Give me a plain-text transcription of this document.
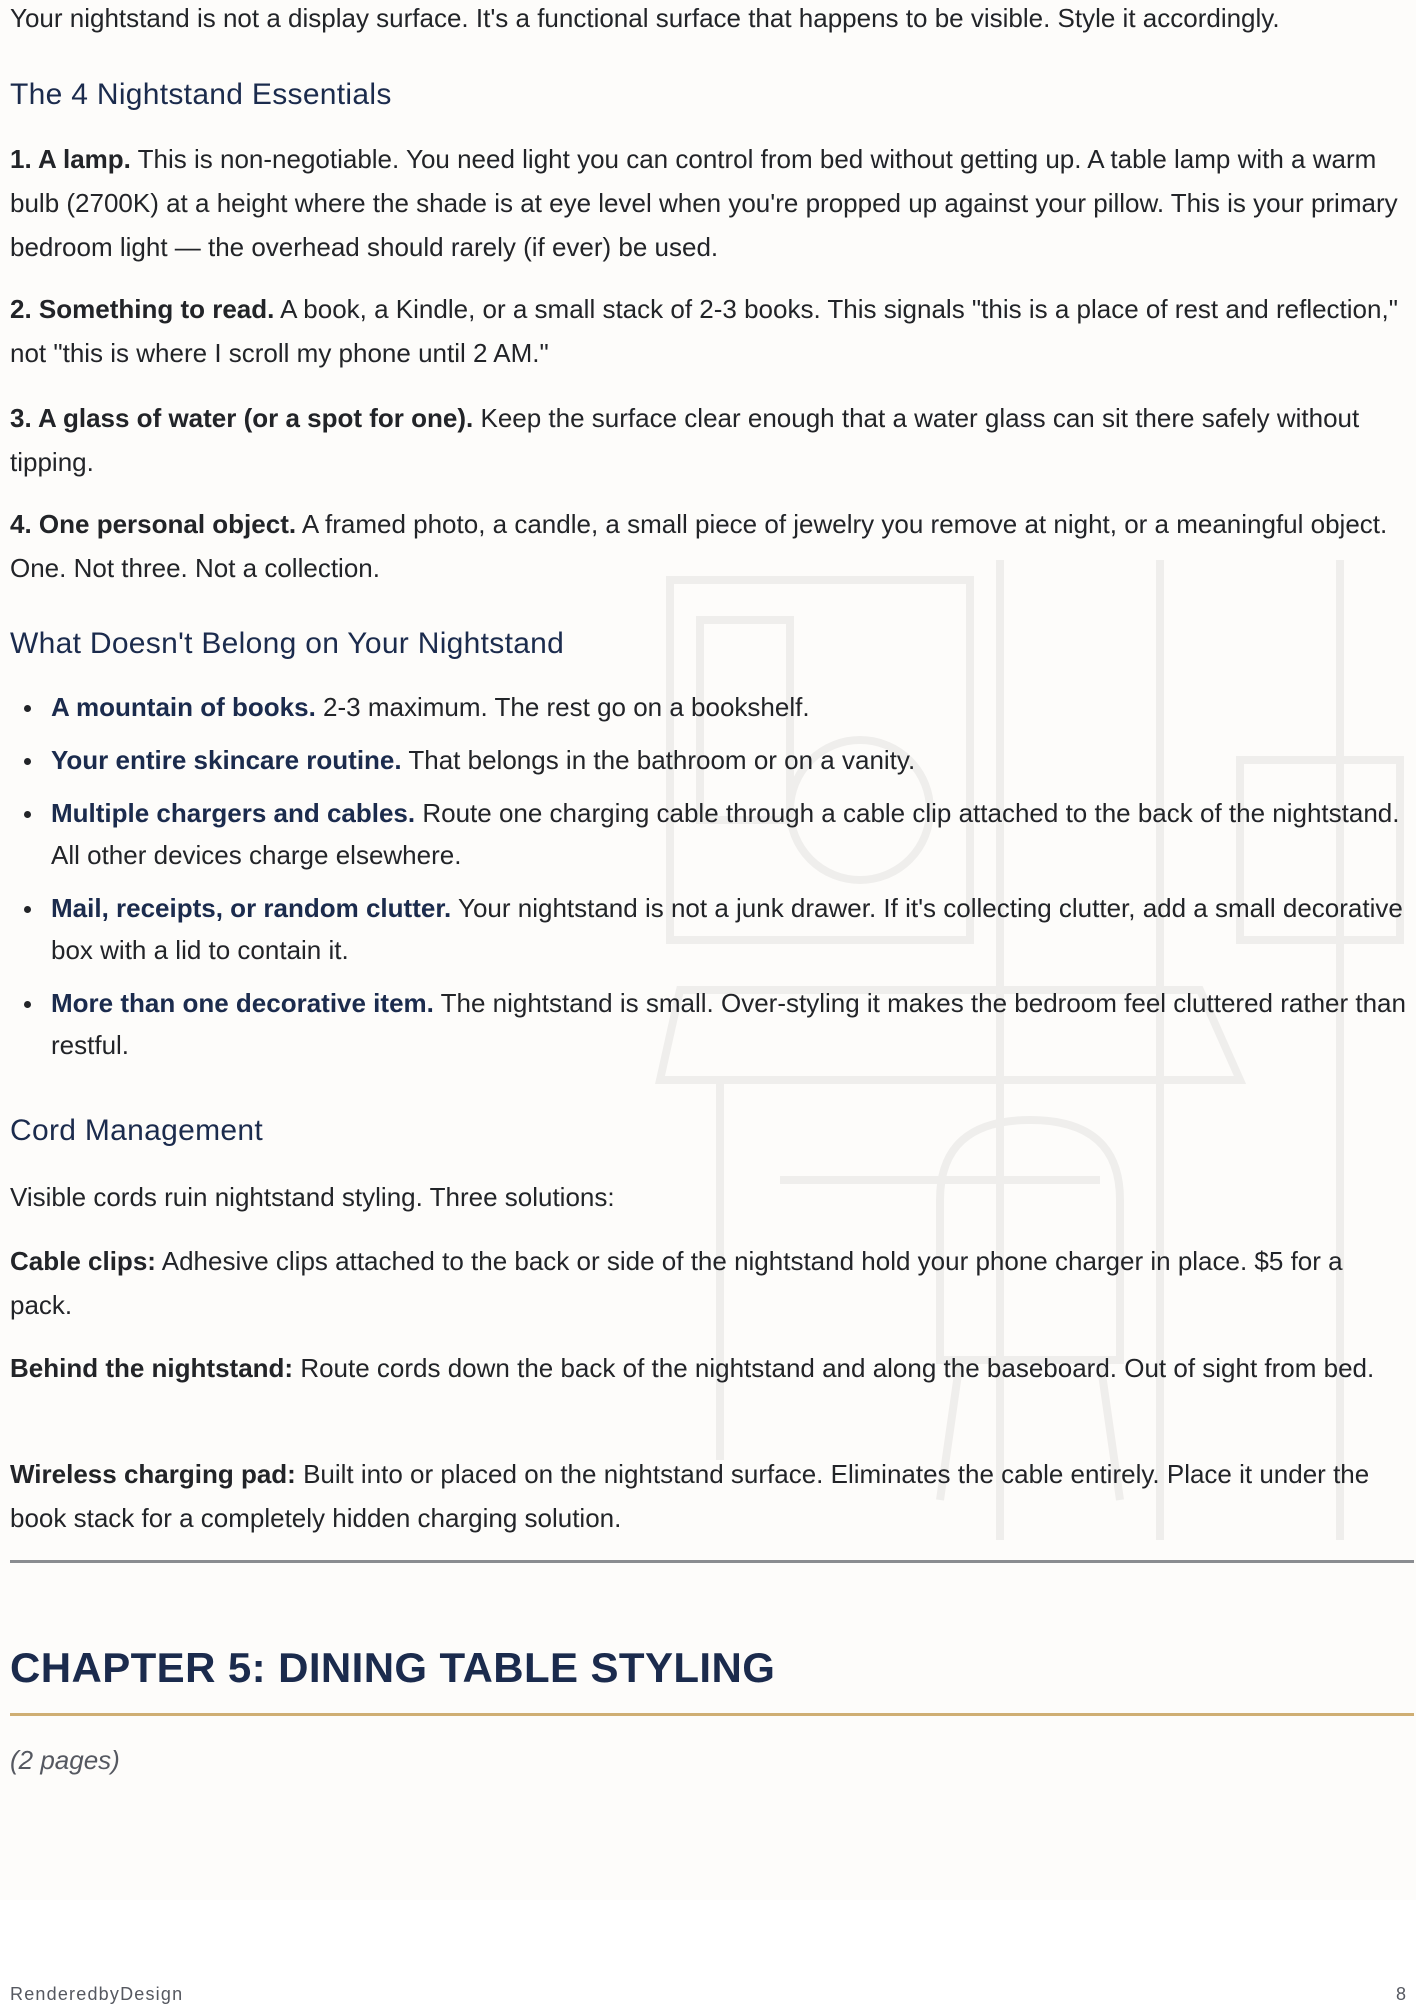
Your nightstand is not a display surface. It's a functional surface that happens to be visible. Style it accordingly.

The 4 Nightstand Essentials

1. A lamp. This is non-negotiable. You need light you can control from bed without getting up. A table lamp with a warm bulb (2700K) at a height where the shade is at eye level when you're propped up against your pillow. This is your primary bedroom light — the overhead should rarely (if ever) be used.

2. Something to read. A book, a Kindle, or a small stack of 2-3 books. This signals "this is a place of rest and reflection," not "this is where I scroll my phone until 2 AM."

3. A glass of water (or a spot for one). Keep the surface clear enough that a water glass can sit there safely without tipping.

4. One personal object. A framed photo, a candle, a small piece of jewelry you remove at night, or a meaningful object. One. Not three. Not a collection.

What Doesn't Belong on Your Nightstand
A mountain of books. 2-3 maximum. The rest go on a bookshelf.
Your entire skincare routine. That belongs in the bathroom or on a vanity.
Multiple chargers and cables. Route one charging cable through a cable clip attached to the back of the nightstand. All other devices charge elsewhere.
Mail, receipts, or random clutter. Your nightstand is not a junk drawer. If it's collecting clutter, add a small decorative box with a lid to contain it.
More than one decorative item. The nightstand is small. Over-styling it makes the bedroom feel cluttered rather than restful.
Cord Management

Visible cords ruin nightstand styling. Three solutions:

Cable clips: Adhesive clips attached to the back or side of the nightstand hold your phone charger in place. $5 for a pack.

Behind the nightstand: Route cords down the back of the nightstand and along the baseboard. Out of sight from bed.

Wireless charging pad: Built into or placed on the nightstand surface. Eliminates the cable entirely. Place it under the book stack for a completely hidden charging solution.

CHAPTER 5: DINING TABLE STYLING
(2 pages)
RenderedbyDesign	8
